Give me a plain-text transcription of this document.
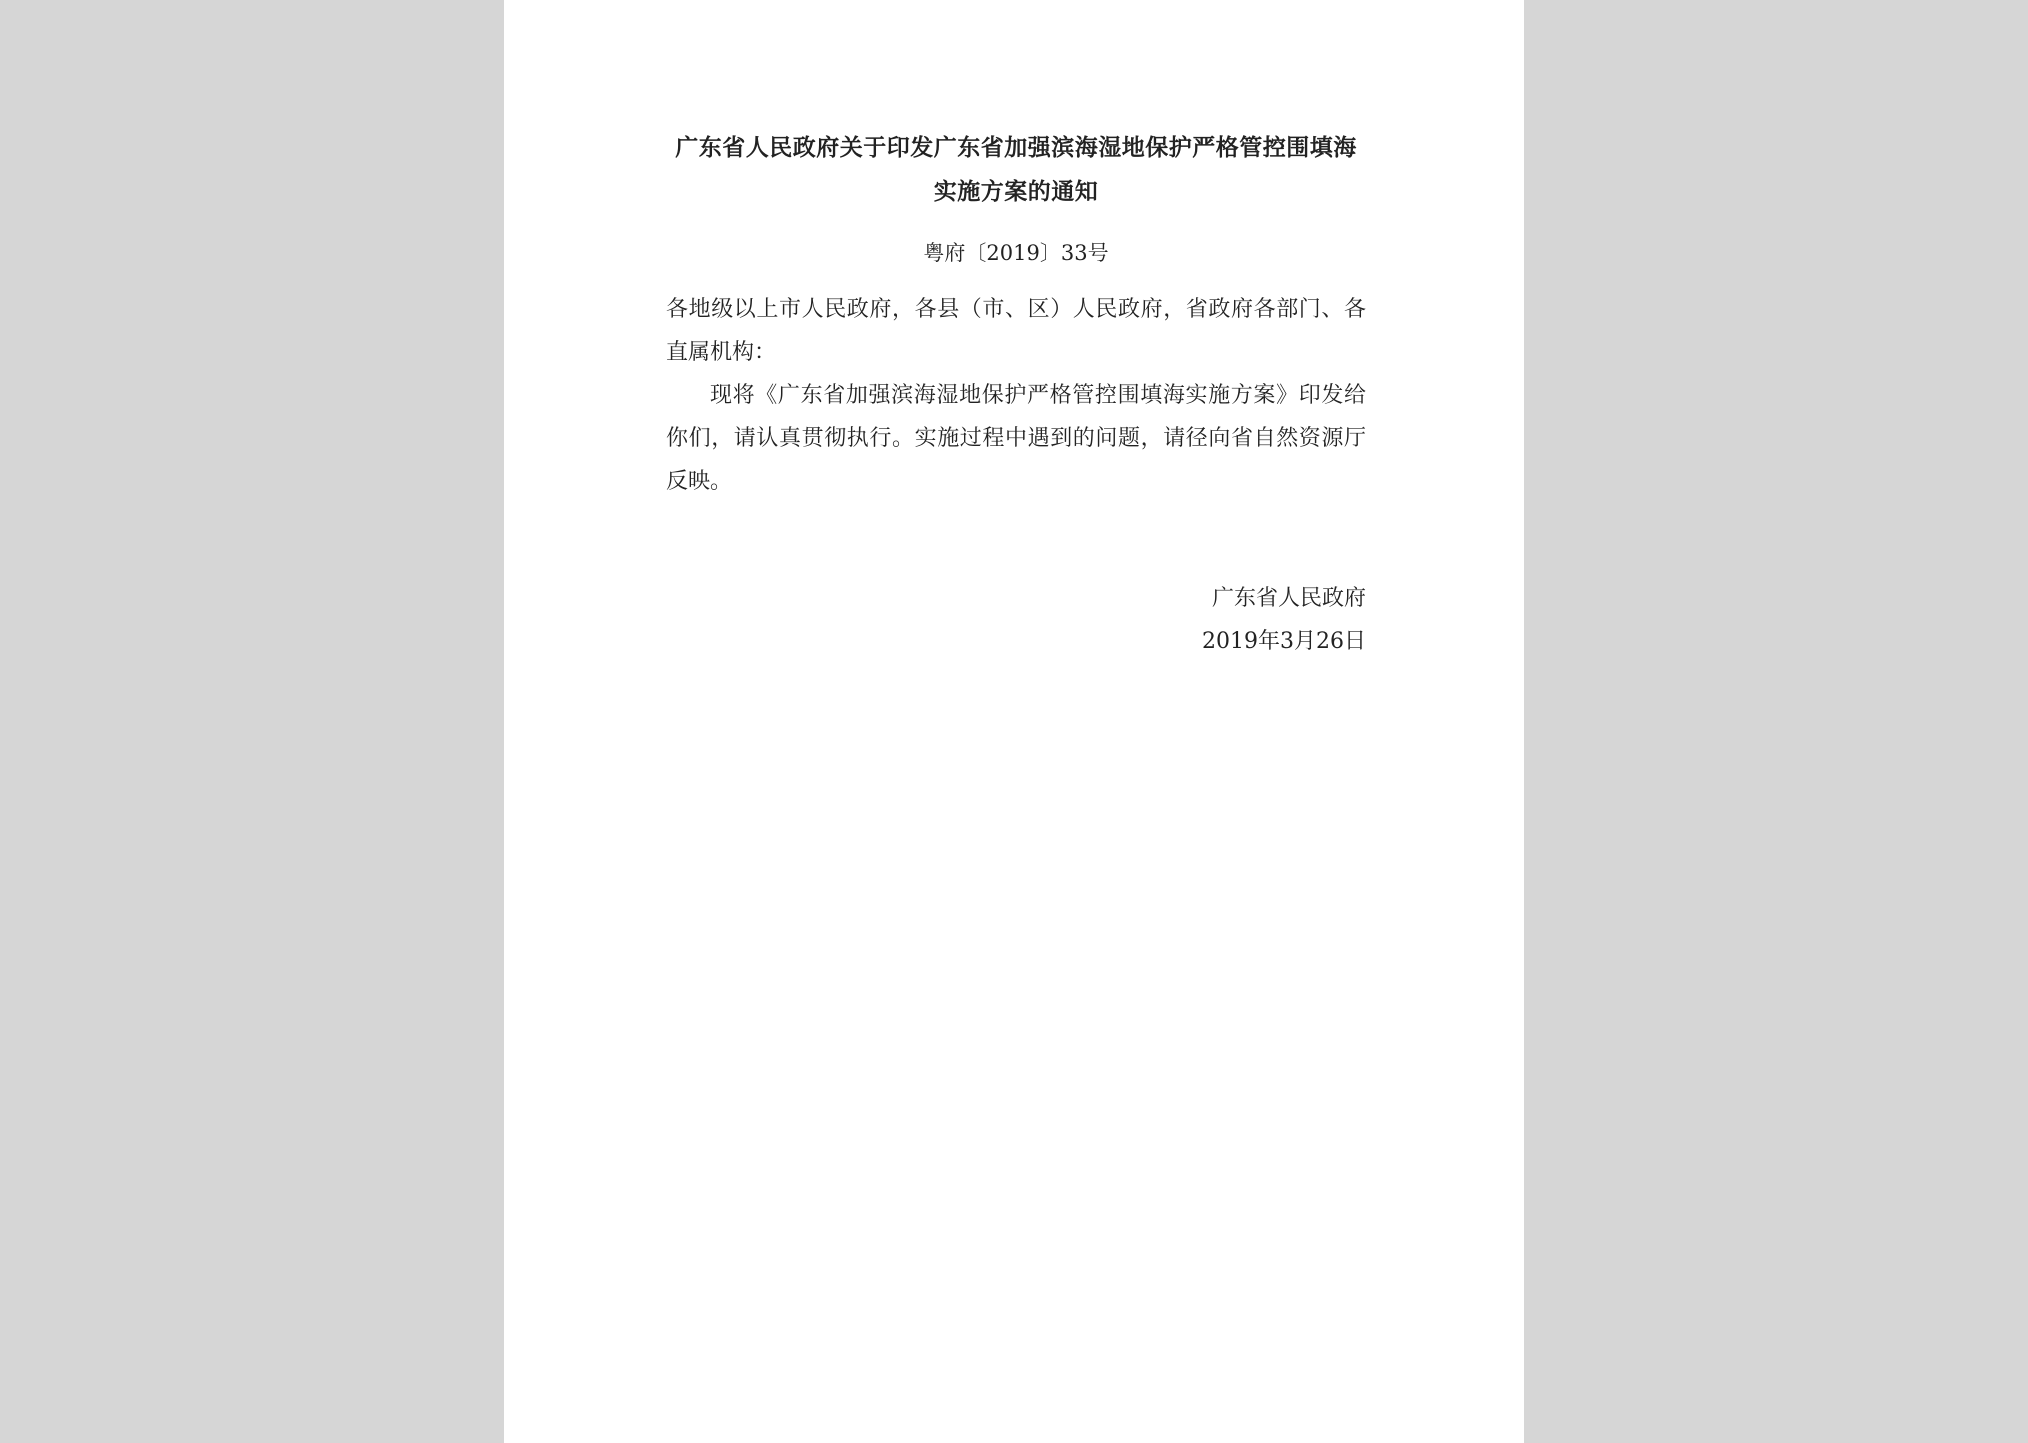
广东省人民政府关于印发广东省加强滨海湿地保护严格管控围填海实施方案的通知
粤府〔2019〕33号

各地级以上市人民政府，各县（市、区）人民政府，省政府各部门、各直属机构：

现将《广东省加强滨海湿地保护严格管控围填海实施方案》印发给你们，请认真贯彻执行。实施过程中遇到的问题，请径向省自然资源厅反映。

广东省人民政府
2019年3月26日
